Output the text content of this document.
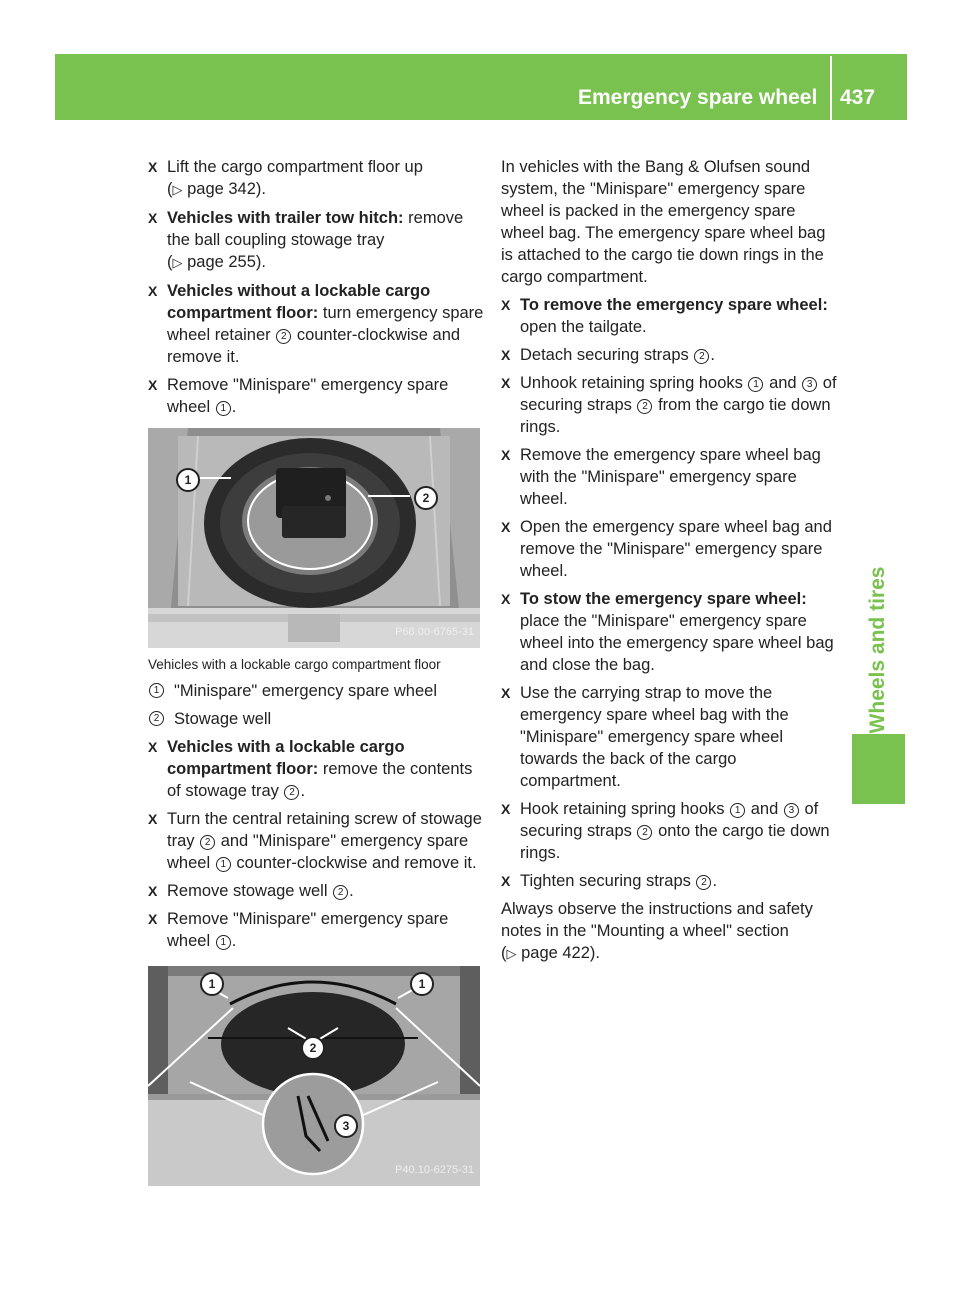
Emergency spare wheel 437
Wheels and tires
X Lift the cargo compartment floor up
(▷ page 342).
X Vehicles with trailer tow hitch: remove the ball coupling stowage tray
(▷ page 255).
X Vehicles without a lockable cargo compartment floor: turn emergency spare wheel retainer 2 counter-clockwise and remove it.
X Remove "Minispare" emergency spare wheel 1 .
1
2
P68.00-6765-31
Vehicles with a lockable cargo compartment floor
1 "Minispare" emergency spare wheel
2 Stowage well
X Vehicles with a lockable cargo compartment floor: remove the contents of stowage tray 2 .
X Turn the central retaining screw of stowage tray 2 and "Minispare" emergency spare wheel 1 counter-clockwise and remove it.
X Remove stowage well 2 .
X Remove "Minispare" emergency spare wheel 1 .
1	1
2
3
P40.10-6275-31
In vehicles with the Bang & Olufsen sound system, the "Minispare" emergency spare wheel is packed in the emergency spare wheel bag. The emergency spare wheel bag is attached to the cargo tie down rings in the cargo compartment.
X To remove the emergency spare wheel: open the tailgate.
X Detach securing straps 2 .
X Unhook retaining spring hooks 1 and 3 of securing straps 2 from the cargo tie down rings.
X Remove the emergency spare wheel bag with the "Minispare" emergency spare wheel.
X Open the emergency spare wheel bag and remove the "Minispare" emergency spare wheel.
X To stow the emergency spare wheel: place the "Minispare" emergency spare wheel into the emergency spare wheel bag and close the bag.
X Use the carrying strap to move the emergency spare wheel bag with the "Minispare" emergency spare wheel towards the back of the cargo compartment.
X Hook retaining spring hooks 1 and 3 of securing straps 2 onto the cargo tie down rings.
X Tighten securing straps 2 .
Always observe the instructions and safety notes in the "Mounting a wheel" section
(▷ page 422).
